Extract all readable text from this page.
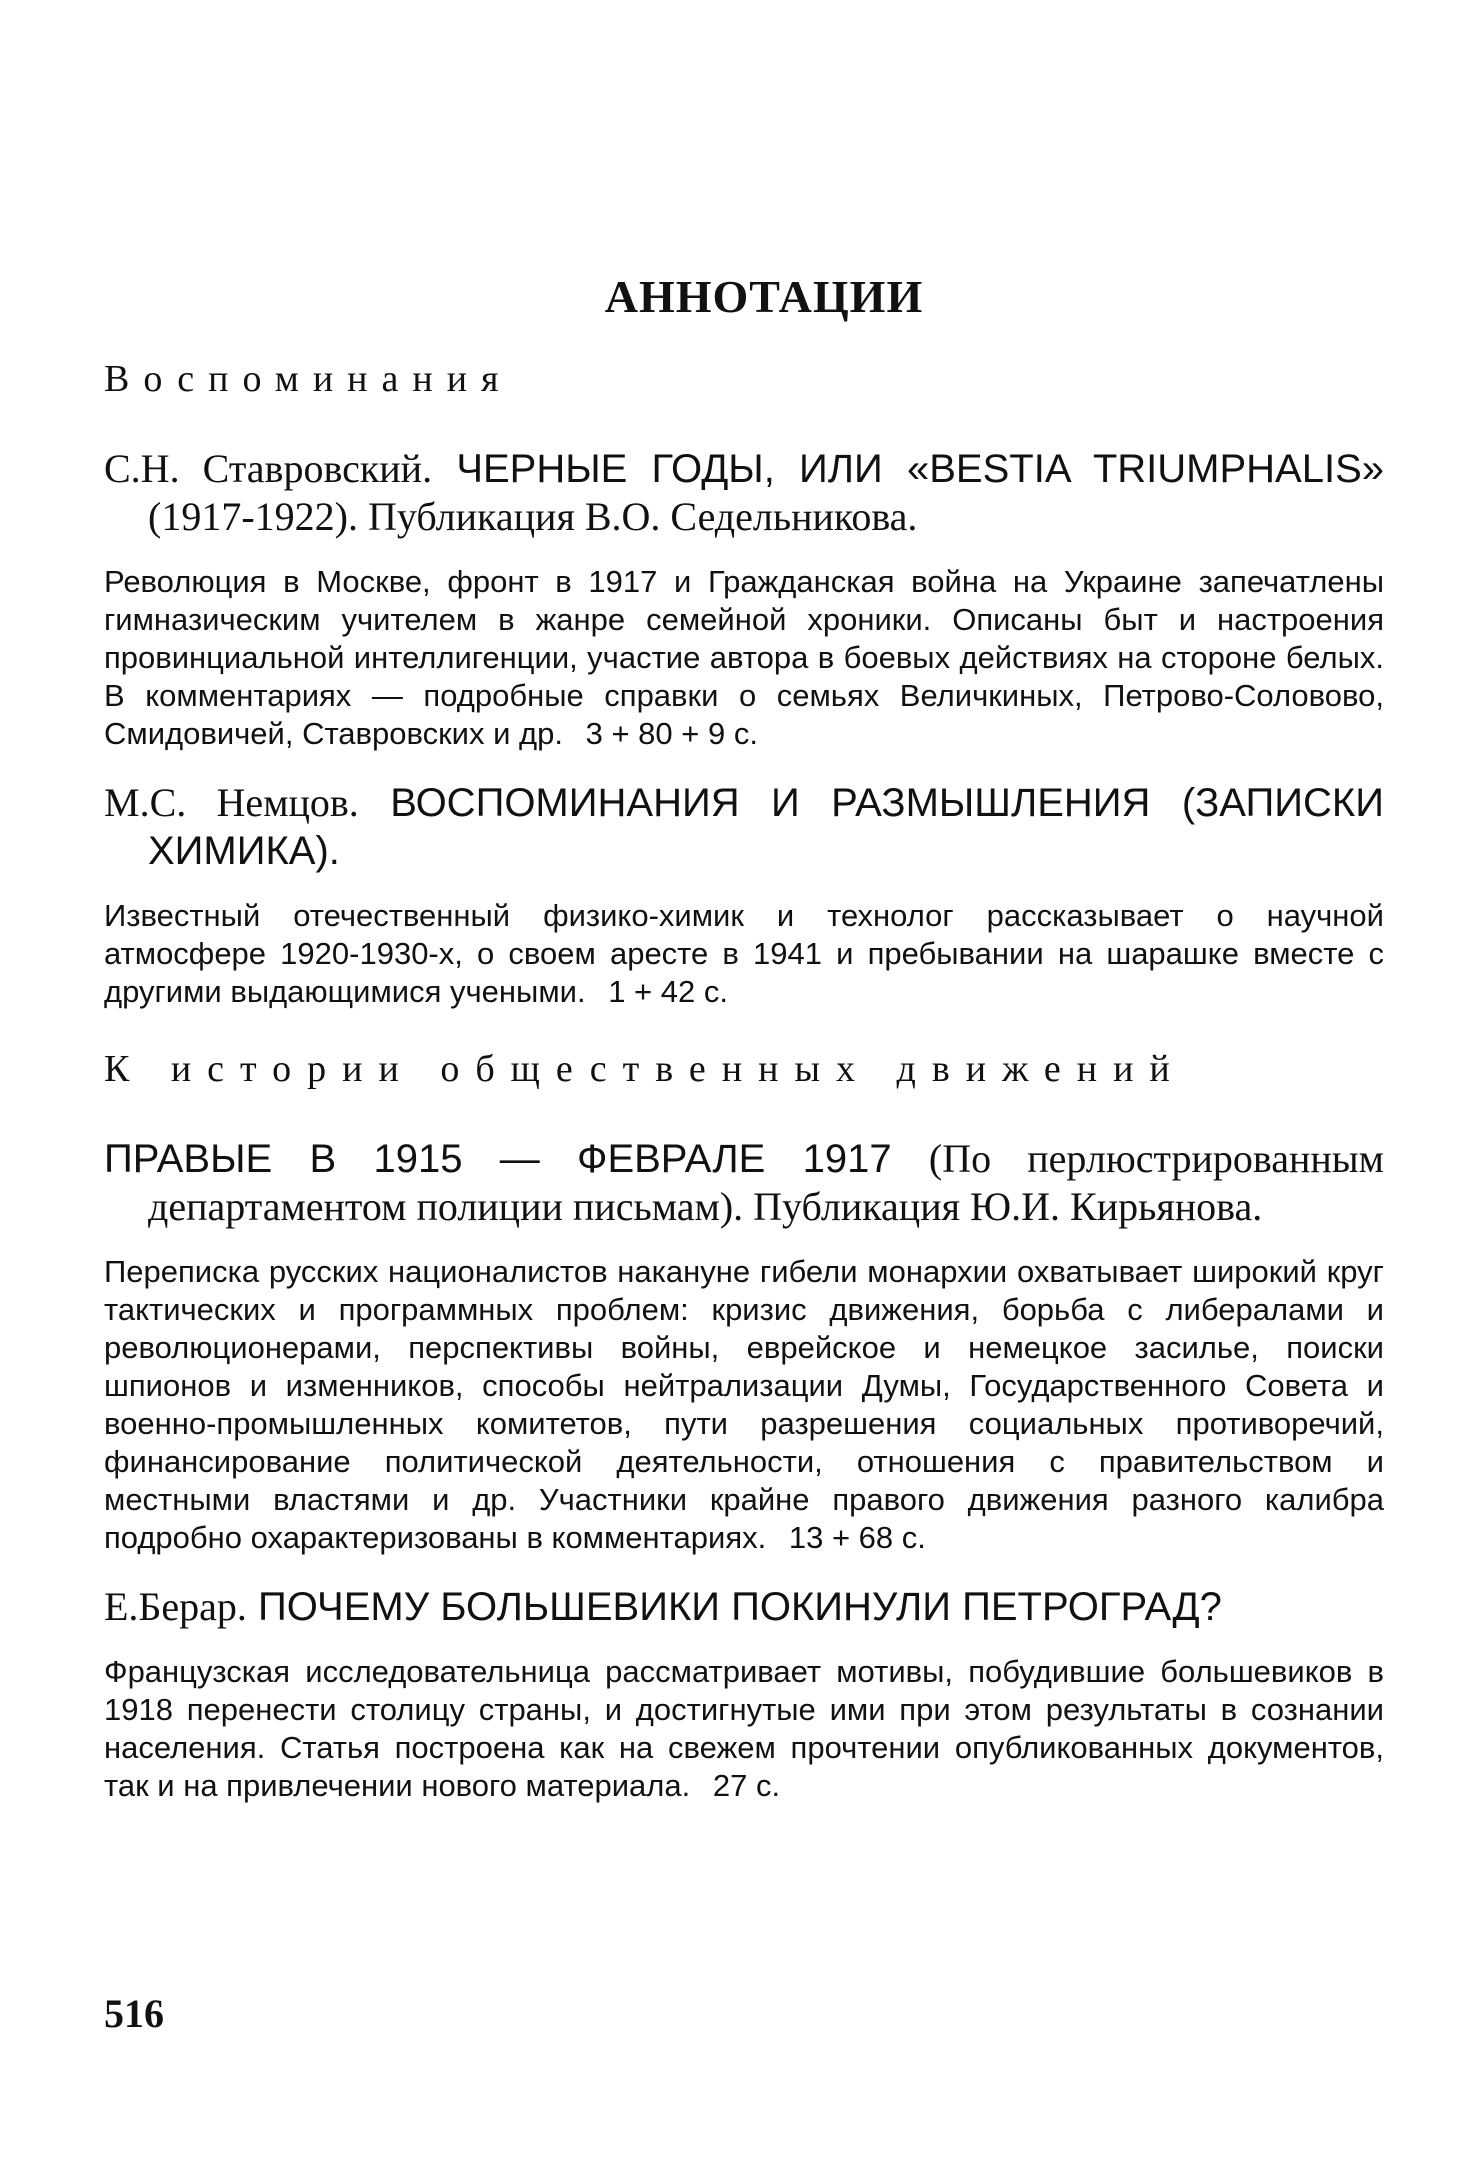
АННОТАЦИИ
Воспоминания
С.Н. Ставровский. ЧЕРНЫЕ ГОДЫ, ИЛИ «BESTIA TRIUMPHALIS» (1917-1922). Публикация В.О. Седельникова.
Революция в Москве, фронт в 1917 и Гражданская война на Украине запечатлены гимназическим учителем в жанре семейной хроники. Описаны быт и настроения провинциальной интеллигенции, участие автора в боевых действиях на стороне белых. В комментариях — подробные справки о семьях Величкиных, Петрово-Соловово, Смидовичей, Ставровских и др. 3 + 80 + 9 с.
М.С. Немцов. ВОСПОМИНАНИЯ И РАЗМЫШЛЕНИЯ (ЗАПИСКИ ХИМИКА).
Известный отечественный физико-химик и технолог рассказывает о научной атмосфере 1920-1930-х, о своем аресте в 1941 и пребывании на шарашке вместе с другими выдающимися учеными. 1 + 42 с.
К истории общественных движений
ПРАВЫЕ В 1915 — ФЕВРАЛЕ 1917 (По перлюстрированным департаментом полиции письмам). Публикация Ю.И. Кирьянова.
Переписка русских националистов накануне гибели монархии охватывает широкий круг тактических и программных проблем: кризис движения, борьба с либералами и революционерами, перспективы войны, еврейское и немецкое засилье, поиски шпионов и изменников, способы нейтрализации Думы, Государственного Совета и военно-промышленных комитетов, пути разрешения социальных противоречий, финансирование политической деятельности, отношения с правительством и местными властями и др. Участники крайне правого движения разного калибра подробно охарактеризованы в комментариях. 13 + 68 с.
Е.Берар. ПОЧЕМУ БОЛЬШЕВИКИ ПОКИНУЛИ ПЕТРОГРАД?
Французская исследовательница рассматривает мотивы, побудившие большевиков в 1918 перенести столицу страны, и достигнутые ими при этом результаты в сознании населения. Статья построена как на свежем прочтении опубликованных документов, так и на привлечении нового материала. 27 с.
516
